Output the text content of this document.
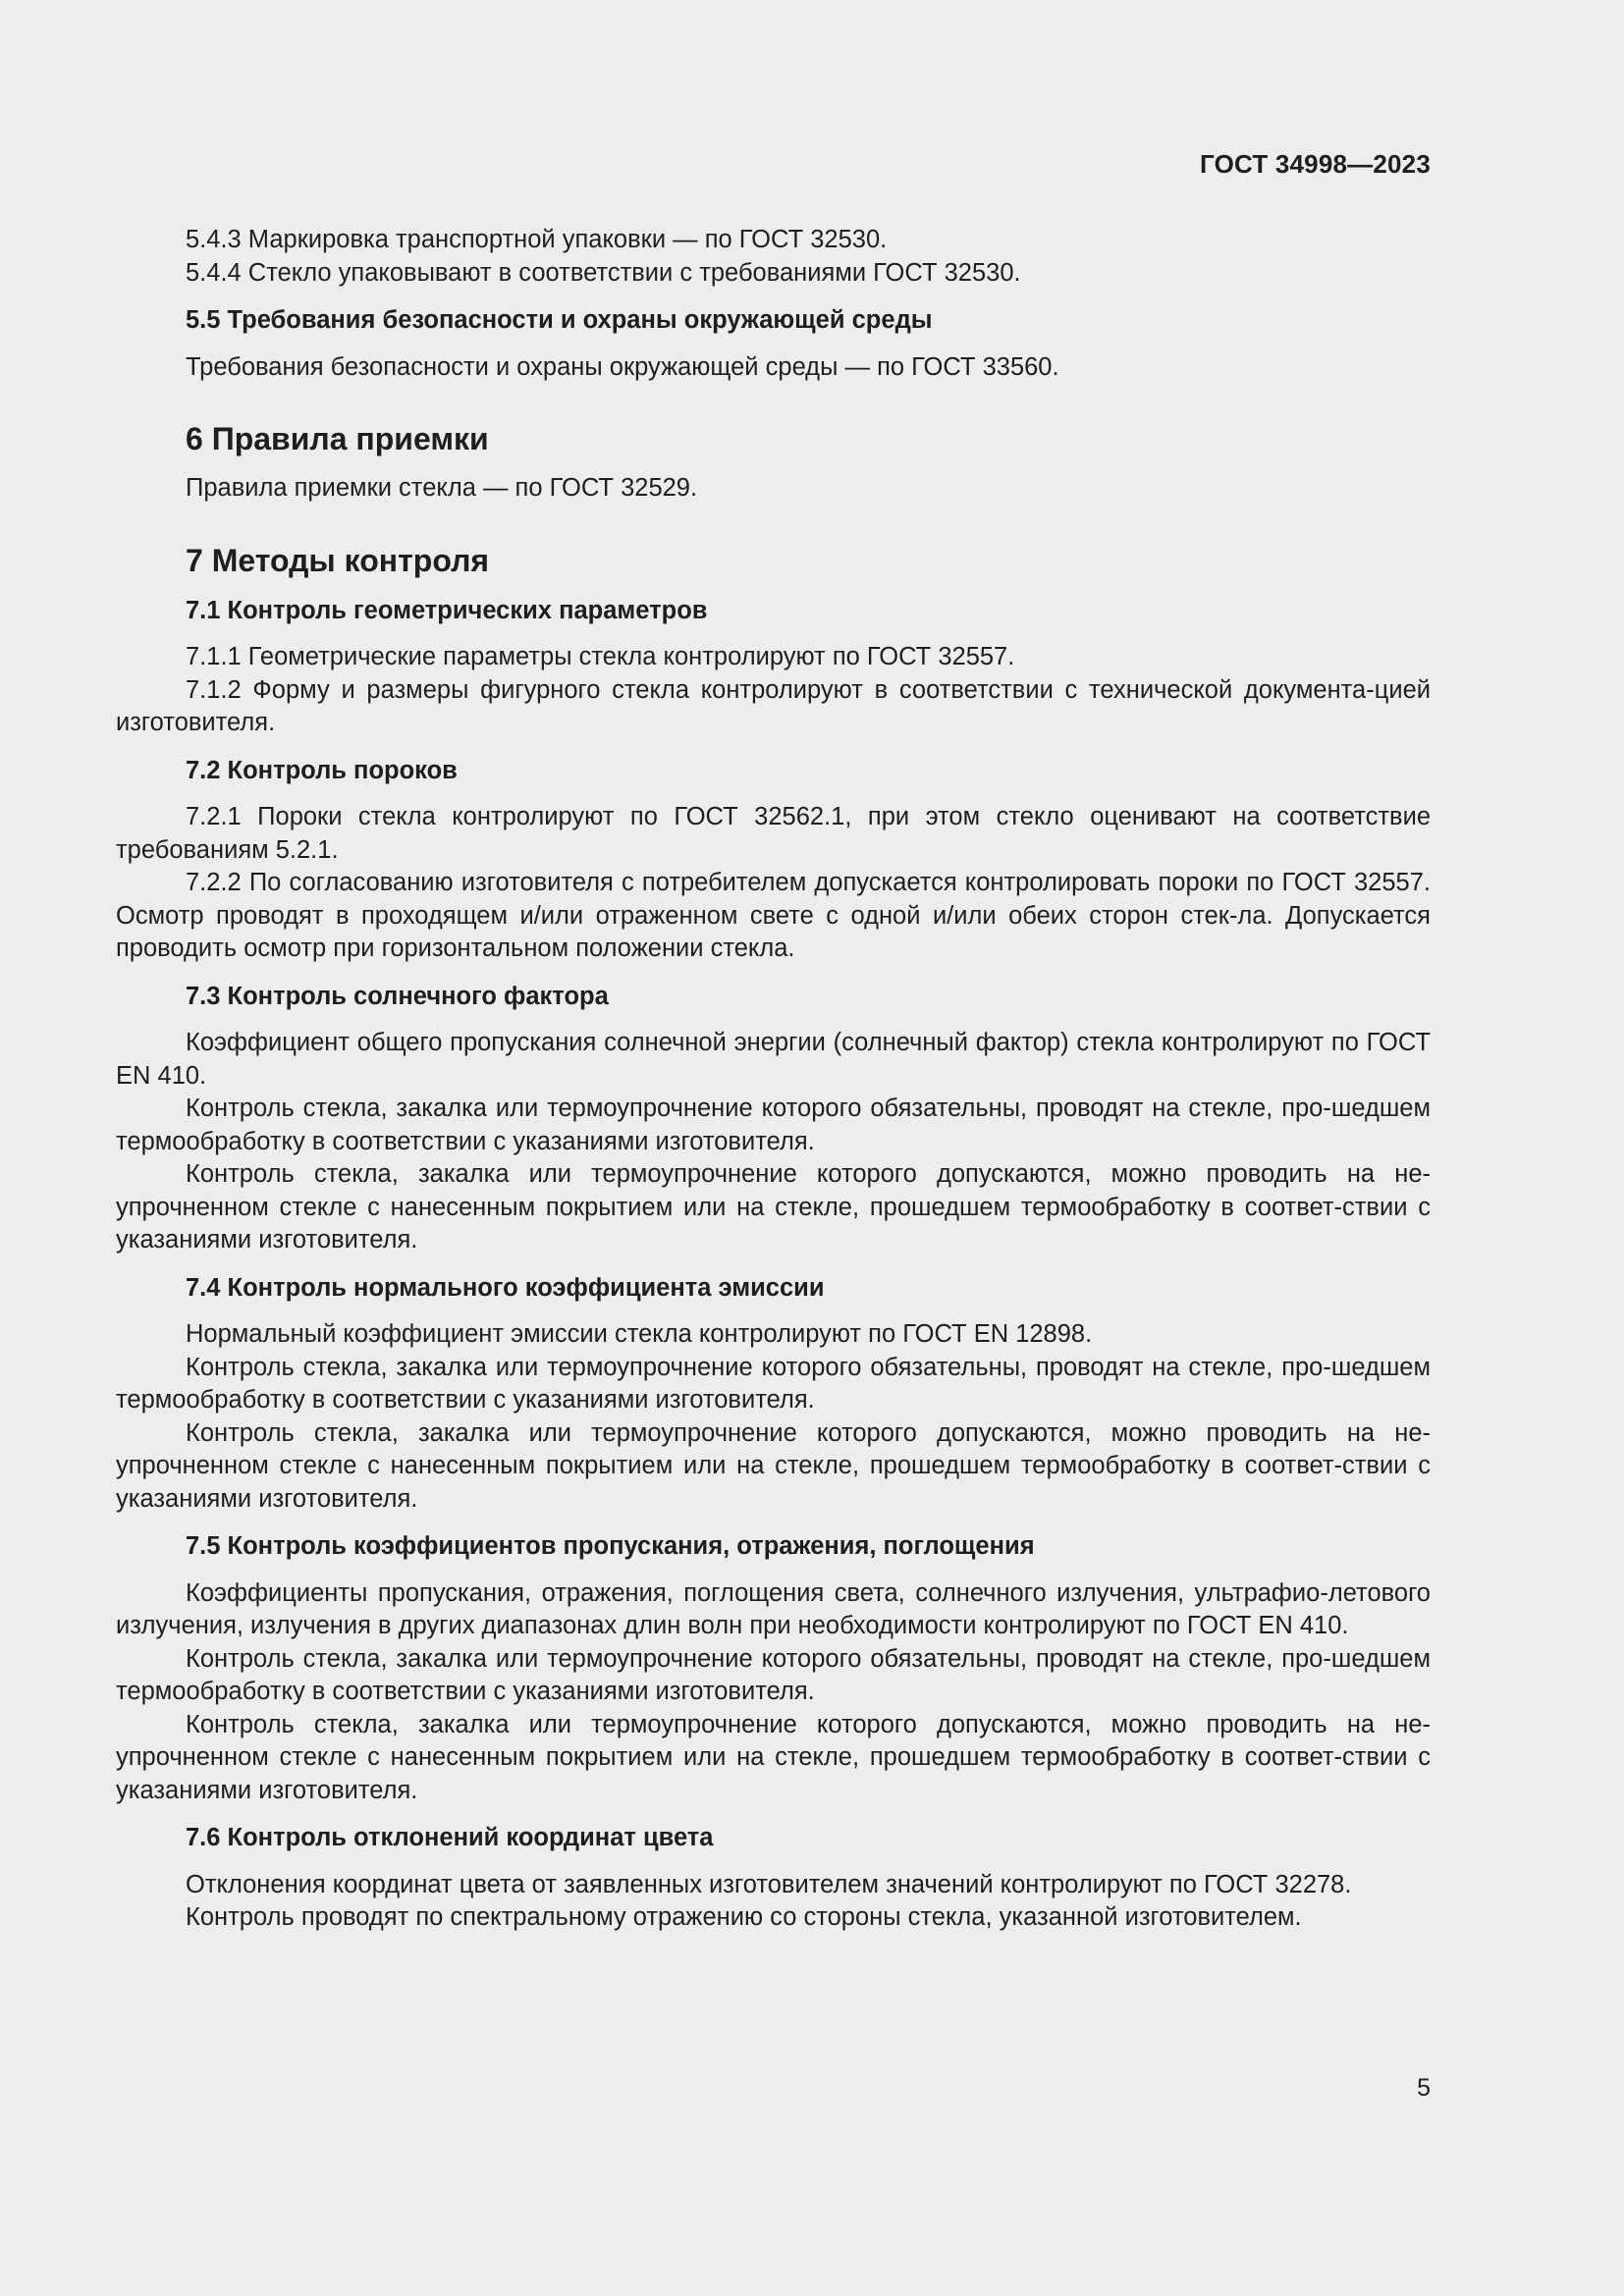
ГОСТ 34998—2023

5.4.3 Маркировка транспортной упаковки — по ГОСТ 32530.

5.4.4 Стекло упаковывают в соответствии с требованиями ГОСТ 32530.

5.5 Требования безопасности и охраны окружающей среды

Требования безопасности и охраны окружающей среды — по ГОСТ 33560.

6 Правила приемки

Правила приемки стекла — по ГОСТ 32529.

7 Методы контроля

7.1 Контроль геометрических параметров

7.1.1 Геометрические параметры стекла контролируют по ГОСТ 32557.

7.1.2 Форму и размеры фигурного стекла контролируют в соответствии с технической документа-цией изготовителя.

7.2 Контроль пороков

7.2.1 Пороки стекла контролируют по ГОСТ 32562.1, при этом стекло оценивают на соответствие требованиям 5.2.1.

7.2.2 По согласованию изготовителя с потребителем допускается контролировать пороки по ГОСТ 32557. Осмотр проводят в проходящем и/или отраженном свете с одной и/или обеих сторон стек-ла. Допускается проводить осмотр при горизонтальном положении стекла.

7.3 Контроль солнечного фактора

Коэффициент общего пропускания солнечной энергии (солнечный фактор) стекла контролируют по ГОСТ EN 410.

Контроль стекла, закалка или термоупрочнение которого обязательны, проводят на стекле, про-шедшем термообработку в соответствии с указаниями изготовителя.

Контроль стекла, закалка или термоупрочнение которого допускаются, можно проводить на не-упрочненном стекле с нанесенным покрытием или на стекле, прошедшем термообработку в соответ-ствии с указаниями изготовителя.

7.4 Контроль нормального коэффициента эмиссии

Нормальный коэффициент эмиссии стекла контролируют по ГОСТ EN 12898.

Контроль стекла, закалка или термоупрочнение которого обязательны, проводят на стекле, про-шедшем термообработку в соответствии с указаниями изготовителя.

Контроль стекла, закалка или термоупрочнение которого допускаются, можно проводить на не-упрочненном стекле с нанесенным покрытием или на стекле, прошедшем термообработку в соответ-ствии с указаниями изготовителя.

7.5 Контроль коэффициентов пропускания, отражения, поглощения

Коэффициенты пропускания, отражения, поглощения света, солнечного излучения, ультрафио-летового излучения, излучения в других диапазонах длин волн при необходимости контролируют по ГОСТ EN 410.

Контроль стекла, закалка или термоупрочнение которого обязательны, проводят на стекле, про-шедшем термообработку в соответствии с указаниями изготовителя.

Контроль стекла, закалка или термоупрочнение которого допускаются, можно проводить на не-упрочненном стекле с нанесенным покрытием или на стекле, прошедшем термообработку в соответ-ствии с указаниями изготовителя.

7.6 Контроль отклонений координат цвета

Отклонения координат цвета от заявленных изготовителем значений контролируют по ГОСТ 32278.

Контроль проводят по спектральному отражению со стороны стекла, указанной изготовителем.

5
